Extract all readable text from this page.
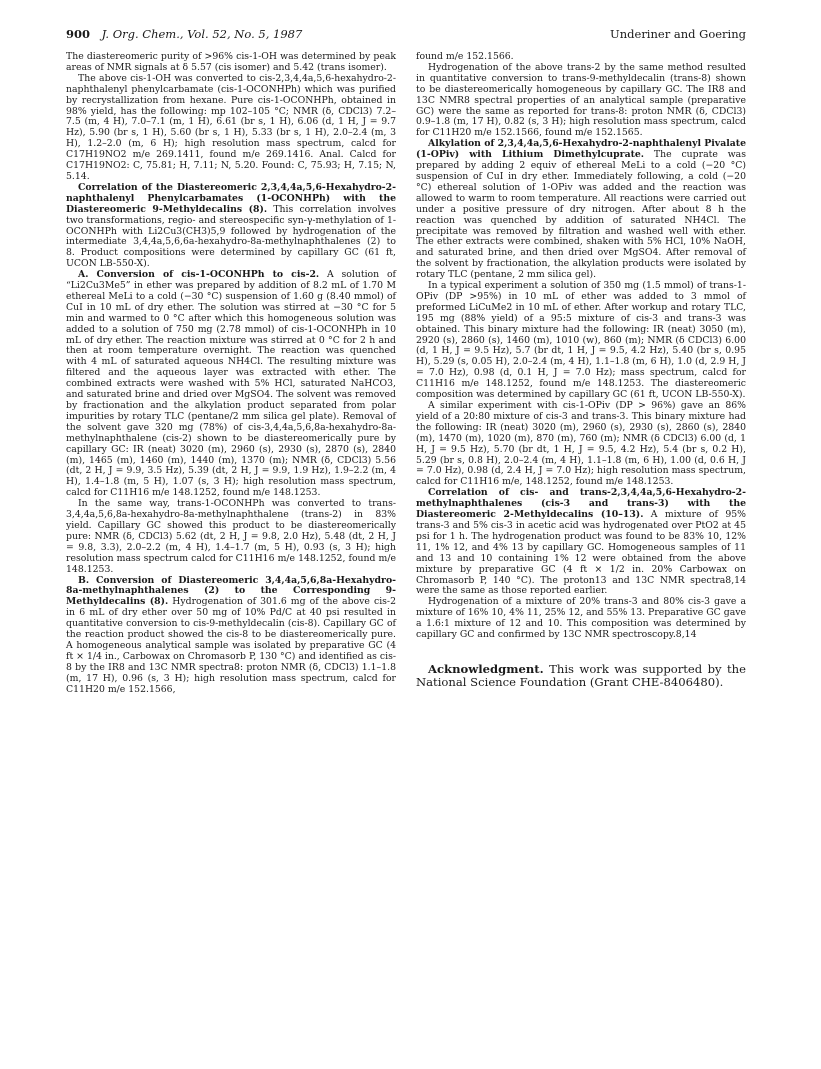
900 J. Org. Chem., Vol. 52, No. 5, 1987	Underiner and Goering

The diastereomeric purity of >96% cis-1-OH was determined by peak areas of NMR signals at δ 5.57 (cis isomer) and 5.42 (trans isomer).

The above cis-1-OH was converted to cis-2,3,4,4a,5,6-hexahydro-2-naphthalenyl phenylcarbamate (cis-1-OCONHPh) which was purified by recrystallization from hexane. Pure cis-1-OCONHPh, obtained in 98% yield, has the following: mp 102–105 °C; NMR (δ, CDCl3) 7.2–7.5 (m, 4 H), 7.0–7.1 (m, 1 H), 6.61 (br s, 1 H), 6.06 (d, 1 H, J = 9.7 Hz), 5.90 (br s, 1 H), 5.60 (br s, 1 H), 5.33 (br s, 1 H), 2.0–2.4 (m, 3 H), 1.2–2.0 (m, 6 H); high resolution mass spectrum, calcd for C17H19NO2 m/e 269.1411, found m/e 269.1416. Anal. Calcd for C17H19NO2: C, 75.81; H, 7.11; N, 5.20. Found: C, 75.93; H, 7.15; N, 5.14.

Correlation of the Diastereomeric 2,3,4,4a,5,6-Hexahydro-2-naphthalenyl Phenylcarbamates (1-OCONHPh) with the Diastereomeric 9-Methyldecalins (8). This correlation involves two transformations, regio- and stereospecific syn-γ-methylation of 1-OCONHPh with Li2Cu3(CH3)5,9 followed by hydrogenation of the intermediate 3,4,4a,5,6,6a-hexahydro-8a-methylnaphthalenes (2) to 8. Product compositions were determined by capillary GC (61 ft, UCON LB-550-X).

A. Conversion of cis-1-OCONHPh to cis-2. A solution of “Li2Cu3Me5” in ether was prepared by addition of 8.2 mL of 1.70 M ethereal MeLi to a cold (−30 °C) suspension of 1.60 g (8.40 mmol) of CuI in 10 mL of dry ether. The solution was stirred at −30 °C for 5 min and warmed to 0 °C after which this homogeneous solution was added to a solution of 750 mg (2.78 mmol) of cis-1-OCONHPh in 10 mL of dry ether. The reaction mixture was stirred at 0 °C for 2 h and then at room temperature overnight. The reaction was quenched with 4 mL of saturated aqueous NH4Cl. The resulting mixture was filtered and the aqueous layer was extracted with ether. The combined extracts were washed with 5% HCl, saturated NaHCO3, and saturated brine and dried over MgSO4. The solvent was removed by fractionation and the alkylation product separated from polar impurities by rotary TLC (pentane/2 mm silica gel plate). Removal of the solvent gave 320 mg (78%) of cis-3,4,4a,5,6,8a-hexahydro-8a-methylnaphthalene (cis-2) shown to be diastereomerically pure by capillary GC: IR (neat) 3020 (m), 2960 (s), 2930 (s), 2870 (s), 2840 (m), 1465 (m), 1460 (m), 1440 (m), 1370 (m); NMR (δ, CDCl3) 5.56 (dt, 2 H, J = 9.9, 3.5 Hz), 5.39 (dt, 2 H, J = 9.9, 1.9 Hz), 1.9–2.2 (m, 4 H), 1.4–1.8 (m, 5 H), 1.07 (s, 3 H); high resolution mass spectrum, calcd for C11H16 m/e 148.1252, found m/e 148.1253.

In the same way, trans-1-OCONHPh was converted to trans-3,4,4a,5,6,8a-hexahydro-8a-methylnaphthalene (trans-2) in 83% yield. Capillary GC showed this product to be diastereomerically pure: NMR (δ, CDCl3) 5.62 (dt, 2 H, J = 9.8, 2.0 Hz), 5.48 (dt, 2 H, J = 9.8, 3.3), 2.0–2.2 (m, 4 H), 1.4–1.7 (m, 5 H), 0.93 (s, 3 H); high resolution mass spectrum calcd for C11H16 m/e 148.1252, found m/e 148.1253.

B. Conversion of Diastereomeric 3,4,4a,5,6,8a-Hexahydro-8a-methylnaphthalenes (2) to the Corresponding 9-Methyldecalins (8). Hydrogenation of 301.6 mg of the above cis-2 in 6 mL of dry ether over 50 mg of 10% Pd/C at 40 psi resulted in quantitative conversion to cis-9-methyldecalin (cis-8). Capillary GC of the reaction product showed the cis-8 to be diastereomerically pure. A homogeneous analytical sample was isolated by preparative GC (4 ft × 1/4 in., Carbowax on Chromasorb P, 130 °C) and identified as cis-8 by the IR8 and 13C NMR spectra8: proton NMR (δ, CDCl3) 1.1–1.8 (m, 17 H), 0.96 (s, 3 H); high resolution mass spectrum, calcd for C11H20 m/e 152.1566,

found m/e 152.1566.

Hydrogenation of the above trans-2 by the same method resulted in quantitative conversion to trans-9-methyldecalin (trans-8) shown to be diastereomerically homogeneous by capillary GC. The IR8 and 13C NMR8 spectral properties of an analytical sample (preparative GC) were the same as reported for trans-8: proton NMR (δ, CDCl3) 0.9–1.8 (m, 17 H), 0.82 (s, 3 H); high resolution mass spectrum, calcd for C11H20 m/e 152.1566, found m/e 152.1565.

Alkylation of 2,3,4,4a,5,6-Hexahydro-2-naphthalenyl Pivalate (1-OPiv) with Lithium Dimethylcuprate. The cuprate was prepared by adding 2 equiv of ethereal MeLi to a cold (−20 °C) suspension of CuI in dry ether. Immediately following, a cold (−20 °C) ethereal solution of 1-OPiv was added and the reaction was allowed to warm to room temperature. All reactions were carried out under a positive pressure of dry nitrogen. After about 8 h the reaction was quenched by addition of saturated NH4Cl. The precipitate was removed by filtration and washed well with ether. The ether extracts were combined, shaken with 5% HCl, 10% NaOH, and saturated brine, and then dried over MgSO4. After removal of the solvent by fractionation, the alkylation products were isolated by rotary TLC (pentane, 2 mm silica gel).

In a typical experiment a solution of 350 mg (1.5 mmol) of trans-1-OPiv (DP >95%) in 10 mL of ether was added to 3 mmol of preformed LiCuMe2 in 10 mL of ether. After workup and rotary TLC, 195 mg (88% yield) of a 95:5 mixture of cis-3 and trans-3 was obtained. This binary mixture had the following: IR (neat) 3050 (m), 2920 (s), 2860 (s), 1460 (m), 1010 (w), 860 (m); NMR (δ CDCl3) 6.00 (d, 1 H, J = 9.5 Hz), 5.7 (br dt, 1 H, J = 9.5, 4.2 Hz), 5.40 (br s, 0.95 H), 5.29 (s, 0.05 H), 2.0–2.4 (m, 4 H), 1.1–1.8 (m, 6 H), 1.0 (d, 2.9 H, J = 7.0 Hz), 0.98 (d, 0.1 H, J = 7.0 Hz); mass spectrum, calcd for C11H16 m/e 148.1252, found m/e 148.1253. The diastereomeric composition was determined by capillary GC (61 ft, UCON LB-550-X).

A similar experiment with cis-1-OPiv (DP > 96%) gave an 86% yield of a 20:80 mixture of cis-3 and trans-3. This binary mixture had the following: IR (neat) 3020 (m), 2960 (s), 2930 (s), 2860 (s), 2840 (m), 1470 (m), 1020 (m), 870 (m), 760 (m); NMR (δ CDCl3) 6.00 (d, 1 H, J = 9.5 Hz), 5.70 (br dt, 1 H, J = 9.5, 4.2 Hz), 5.4 (br s, 0.2 H), 5.29 (br s, 0.8 H), 2.0–2.4 (m, 4 H), 1.1–1.8 (m, 6 H), 1.00 (d, 0.6 H, J = 7.0 Hz), 0.98 (d, 2.4 H, J = 7.0 Hz); high resolution mass spectrum, calcd for C11H16 m/e, 148.1252, found m/e 148.1253.

Correlation of cis- and trans-2,3,4,4a,5,6-Hexahydro-2-methylnaphthalenes (cis-3 and trans-3) with the Diastereomeric 2-Methyldecalins (10–13). A mixture of 95% trans-3 and 5% cis-3 in acetic acid was hydrogenated over PtO2 at 45 psi for 1 h. The hydrogenation product was found to be 83% 10, 12% 11, 1% 12, and 4% 13 by capillary GC. Homogeneous samples of 11 and 13 and 10 containing 1% 12 were obtained from the above mixture by preparative GC (4 ft × 1/2 in. 20% Carbowax on Chromasorb P, 140 °C). The proton13 and 13C NMR spectra8,14 were the same as those reported earlier.

Hydrogenation of a mixture of 20% trans-3 and 80% cis-3 gave a mixture of 16% 10, 4% 11, 25% 12, and 55% 13. Preparative GC gave a 1.6:1 mixture of 12 and 10. This composition was determined by capillary GC and confirmed by 13C NMR spectroscopy.8,14

Acknowledgment. This work was supported by the National Science Foundation (Grant CHE-8406480).
